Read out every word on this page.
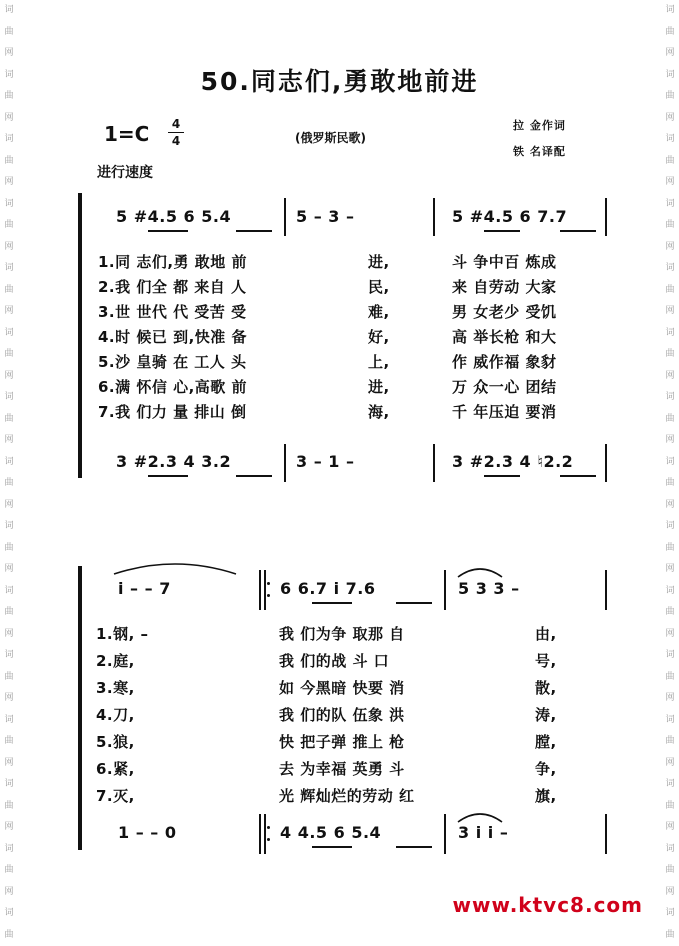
词
曲
网
词
曲
网
词
曲
网
词
曲
网
词
曲
网
词
曲
网
词
曲
网
词
曲
网
词
曲
网
词
曲
网
词
曲
网
词
曲
网
词
曲
网
词
曲
网
词
曲
词
曲
网
词
曲
网
词
曲
网
词
曲
网
词
曲
网
词
曲
网
词
曲
网
词
曲
网
词
曲
网
词
曲
网
词
曲
网
词
曲
网
词
曲
网
词
曲
网
词
曲
50.同志们,勇敢地前进
1=C	4
4	(俄罗斯民歌)
拉 金作词
铁 名译配
进行速度
5 #4.5 6 5.4	5 – 3 –	5 #4.5 6 7.7
1.同 志们,勇 敢地 前	进,	斗 争中百 炼成
2.我 们全 都 来自 人	民,	来 自劳动 大家
3.世 世代 代 受苦 受	难,	男 女老少 受饥
4.时 候已 到,快准 备	好,	高 举长枪 和大
5.沙 皇骑 在 工人 头	上,	作 威作福 象豺
6.满 怀信 心,高歌 前	进,	万 众一心 团结
7.我 们力 量 排山 倒	海,	千 年压迫 要消
3 #2.3 4 3.2	3 – 1 –	3 #2.3 4 ♮2.2
i – – 7	6 6.7 i 7.6	5 3 3 –
1.钢, –	我 们为争 取那 自	由,
2.庭,	我 们的战 斗 口	号,
3.寒,	如 今黑暗 快要 消	散,
4.刀,	我 们的队 伍象 洪	涛,
5.狼,	快 把子弹 推上 枪	膛,
6.紧,	去 为幸福 英勇 斗	争,
7.灭,	光 辉灿烂的劳动 红	旗,
1 – – 0	4 4.5 6 5.4	3 i i –
www.ktvc8.com
